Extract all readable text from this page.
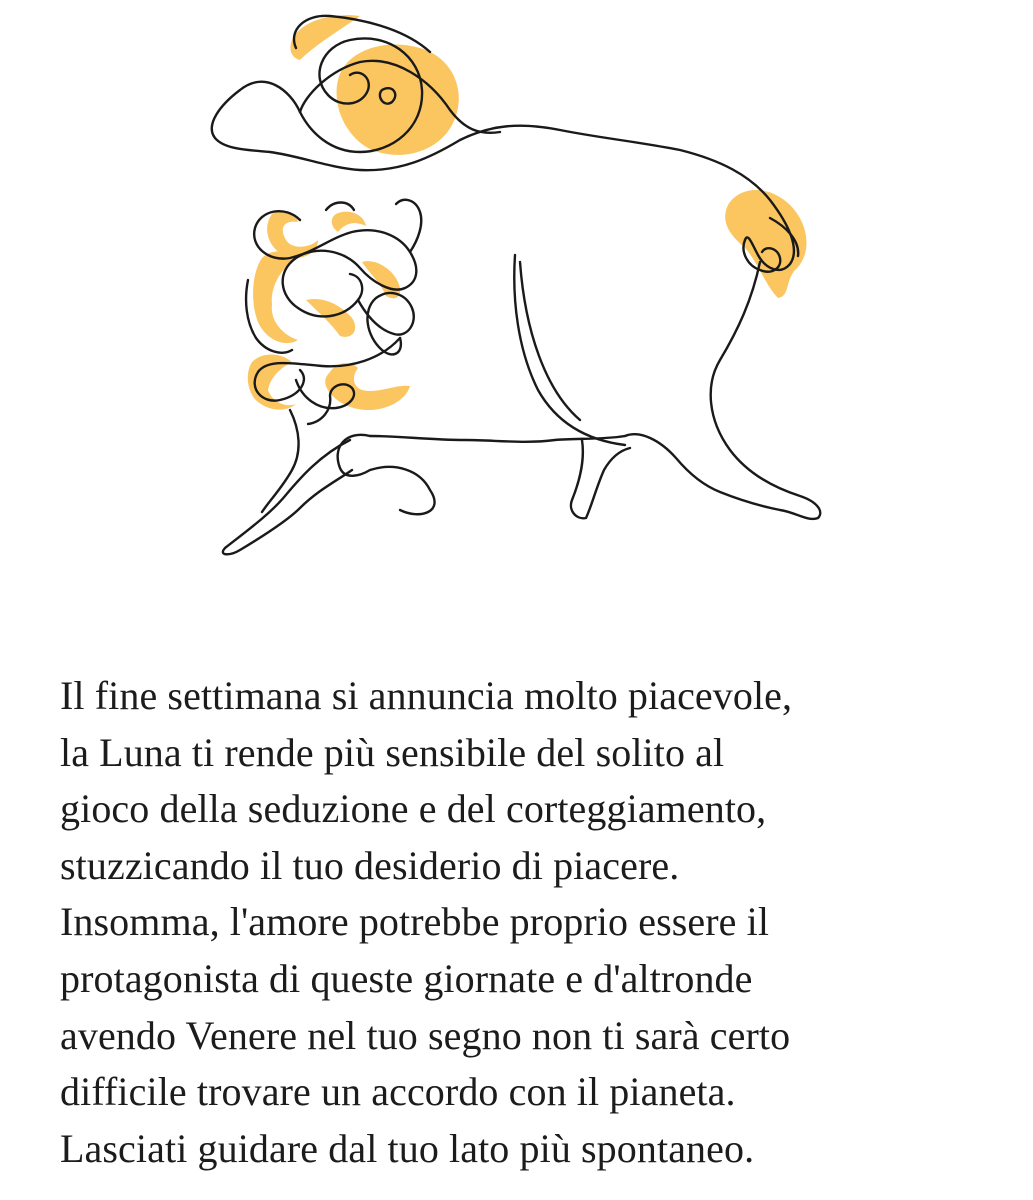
Il fine settimana si annuncia molto piacevole,
la Luna ti rende più sensibile del solito al
gioco della seduzione e del corteggiamento,
stuzzicando il tuo desiderio di piacere.
Insomma, l'amore potrebbe proprio essere il
protagonista di queste giornate e d'altronde
avendo Venere nel tuo segno non ti sarà certo
difficile trovare un accordo con il pianeta.
Lasciati guidare dal tuo lato più spontaneo.
